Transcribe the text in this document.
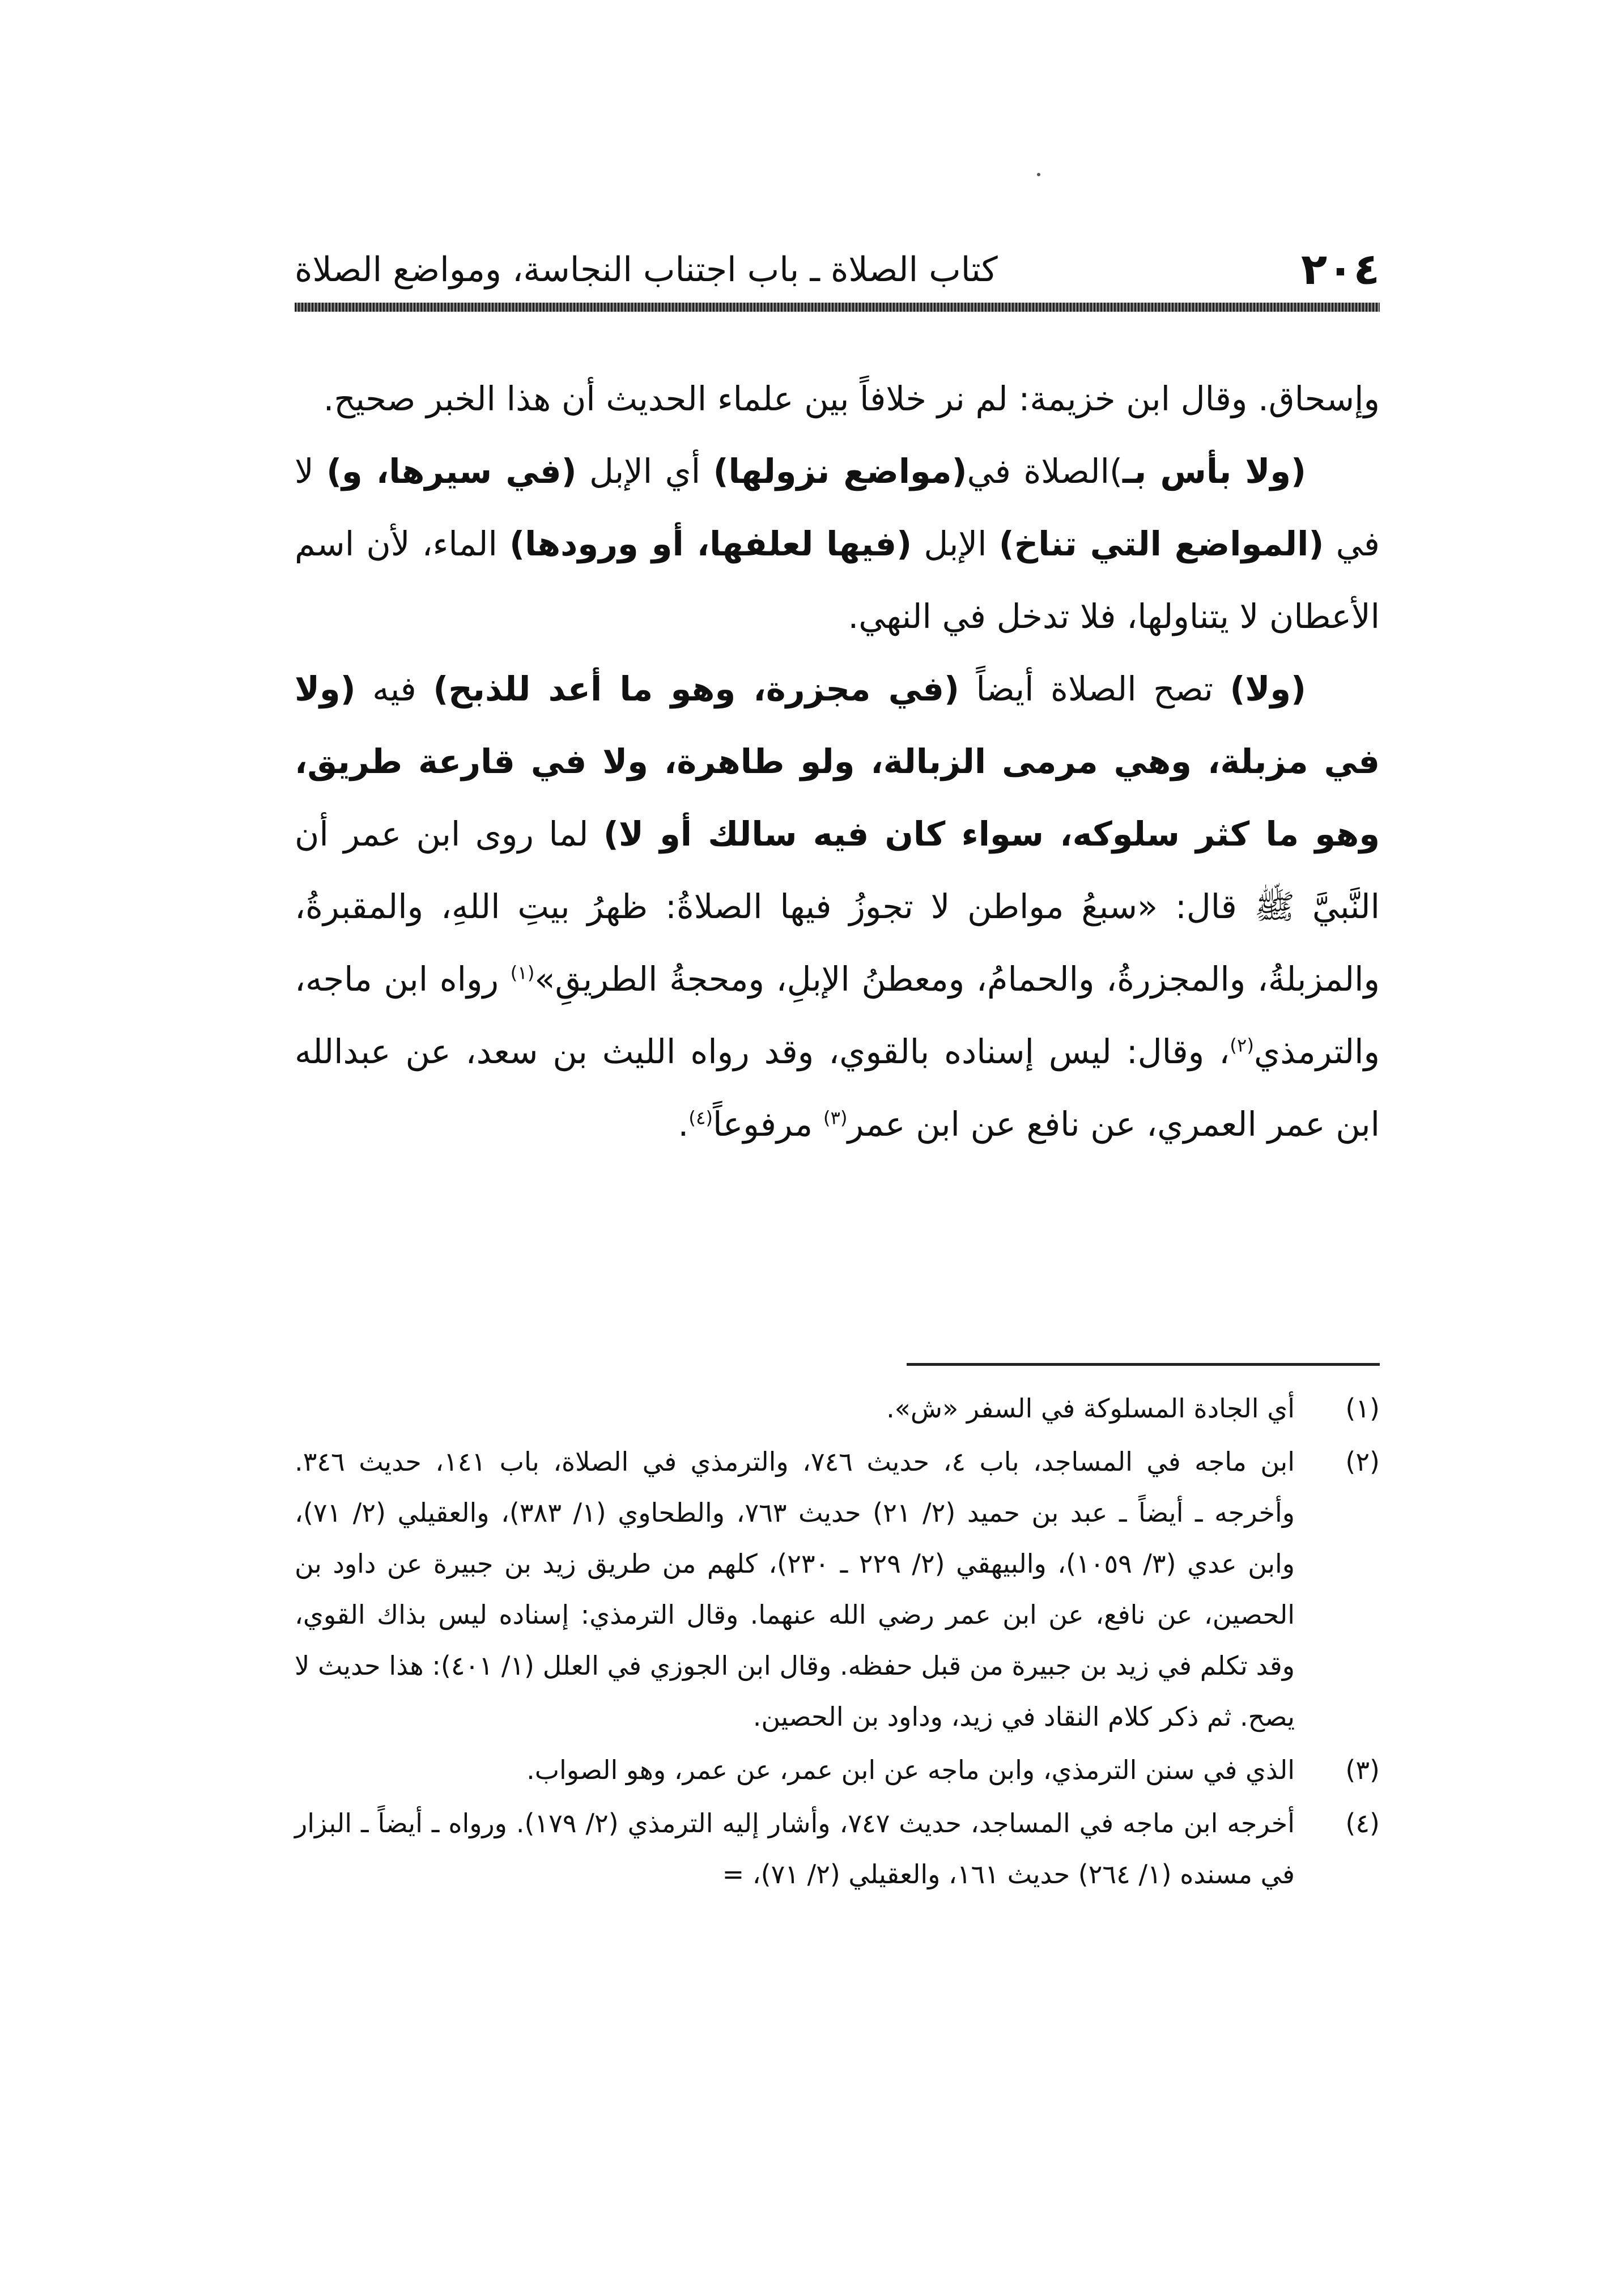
٢٠٤
كتاب الصلاة ـ باب اجتناب النجاسة، ومواضع الصلاة

وإسحاق. وقال ابن خزيمة: لم نر خلافاً بين علماء الحديث أن هذا الخبر صحيح.

(ولا بأس بـ)الصلاة في(مواضع نزولها) أي الإبل (في سيرها، و) لا في (المواضع التي تناخ) الإبل (فيها لعلفها، أو ورودها) الماء، لأن اسم الأعطان لا يتناولها، فلا تدخل في النهي.

(ولا) تصح الصلاة أيضاً (في مجزرة، وهو ما أعد للذبح) فيه (ولا في مزبلة، وهي مرمى الزبالة، ولو طاهرة، ولا في قارعة طريق، وهو ما كثر سلوكه، سواء كان فيه سالك أو لا) لما روى ابن عمر أن النَّبيَّ ﷺ قال: «سبعُ مواطن لا تجوزُ فيها الصلاةُ: ظهرُ بيتِ اللهِ، والمقبرةُ، والمزبلةُ، والمجزرةُ، والحمامُ، ومعطنُ الإبلِ، ومحجةُ الطريقِ»$^{(١)}$ رواه ابن ماجه، والترمذي$^{(٢)}$، وقال: ليس إسناده بالقوي، وقد رواه الليث بن سعد، عن عبدالله ابن عمر العمري، عن نافع عن ابن عمر$^{(٣)}$ مرفوعاً$^{(٤)}$.

(١)
أي الجادة المسلوكة في السفر «ش».
(٢)
ابن ماجه في المساجد، باب ٤، حديث ٧٤٦، والترمذي في الصلاة، باب ١٤١، حديث ٣٤٦. وأخرجه ـ أيضاً ـ عبد بن حميد (٢/ ٢١) حديث ٧٦٣، والطحاوي (١/ ٣٨٣)، والعقيلي (٢/ ٧١)، وابن عدي (٣/ ١٠٥٩)، والبيهقي (٢/ ٢٢٩ ـ ٢٣٠)، كلهم من طريق زيد بن جبيرة عن داود بن الحصين، عن نافع، عن ابن عمر رضي الله عنهما. وقال الترمذي: إسناده ليس بذاك القوي، وقد تكلم في زيد بن جبيرة من قبل حفظه. وقال ابن الجوزي في العلل (١/ ٤٠١): هذا حديث لا يصح. ثم ذكر كلام النقاد في زيد، وداود بن الحصين.
(٣)
الذي في سنن الترمذي، وابن ماجه عن ابن عمر، عن عمر، وهو الصواب.
(٤)
أخرجه ابن ماجه في المساجد، حديث ٧٤٧، وأشار إليه الترمذي (٢/ ١٧٩). ورواه ـ أيضاً ـ البزار في مسنده (١/ ٢٦٤) حديث ١٦١، والعقيلي (٢/ ٧١)، =
